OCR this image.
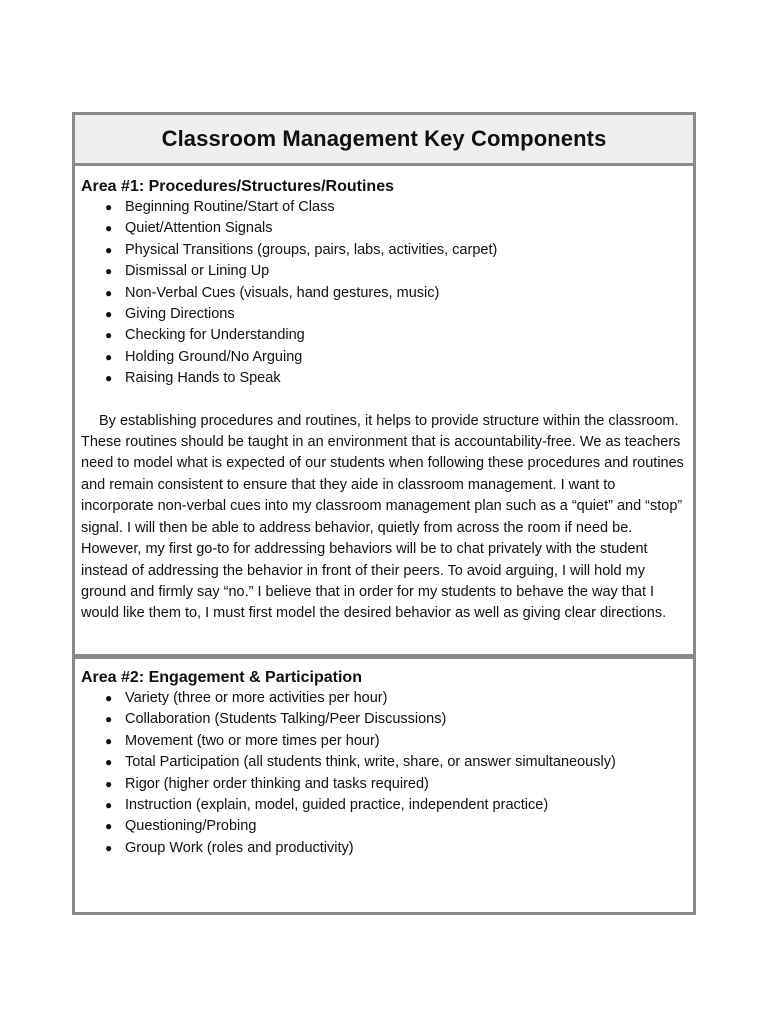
Classroom Management Key Components

Area #1: Procedures/Structures/Routines

● Beginning Routine/Start of Class
● Quiet/Attention Signals
● Physical Transitions (groups, pairs, labs, activities, carpet)
● Dismissal or Lining Up
● Non-Verbal Cues (visuals, hand gestures, music)
● Giving Directions
● Checking for Understanding
● Holding Ground/No Arguing
● Raising Hands to Speak

By establishing procedures and routines, it helps to provide structure within the classroom. These routines should be taught in an environment that is accountability-free. We as teachers need to model what is expected of our students when following these procedures and routines and remain consistent to ensure that they aide in classroom management. I want to incorporate non-verbal cues into my classroom management plan such as a “quiet” and “stop” signal. I will then be able to address behavior, quietly from across the room if need be. However, my first go-to for addressing behaviors will be to chat privately with the student instead of addressing the behavior in front of their peers. To avoid arguing, I will hold my ground and firmly say “no.” I believe that in order for my students to behave the way that I would like them to, I must first model the desired behavior as well as giving clear directions.

Area #2: Engagement & Participation

● Variety (three or more activities per hour)
● Collaboration (Students Talking/Peer Discussions)
● Movement (two or more times per hour)
● Total Participation (all students think, write, share, or answer simultaneously)
● Rigor (higher order thinking and tasks required)
● Instruction (explain, model, guided practice, independent practice)
● Questioning/Probing
● Group Work (roles and productivity)
